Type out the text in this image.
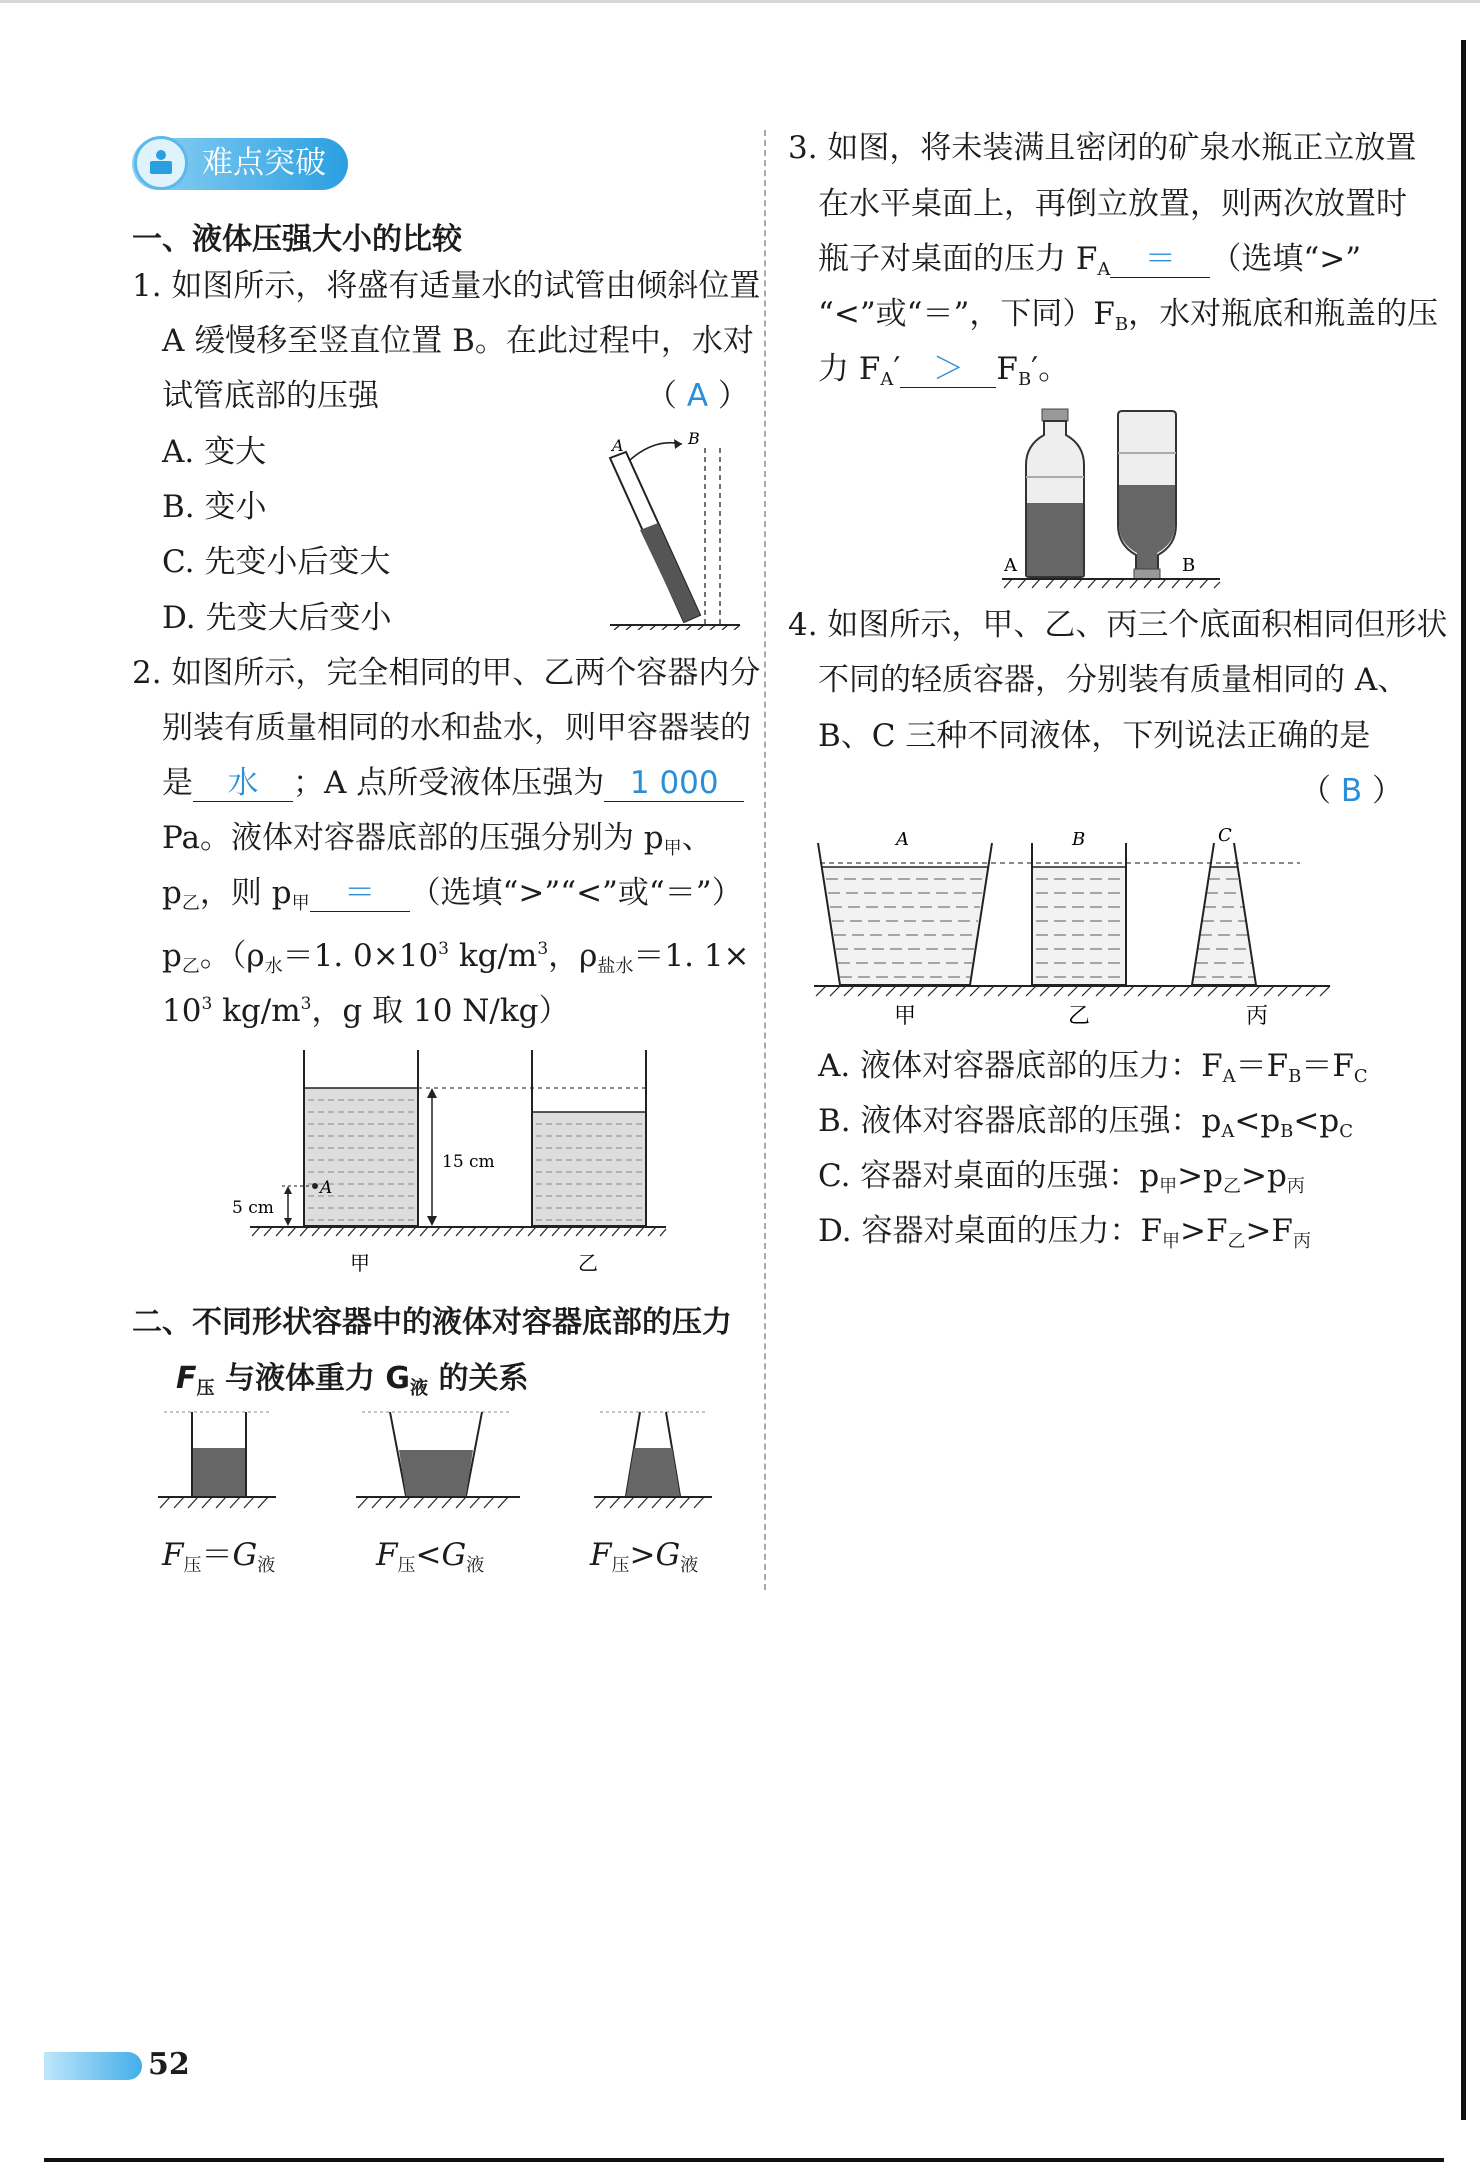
难点突破
一、液体压强大小的比较
1. 如图所示，将盛有适量水的试管由倾斜位置
A 缓慢移至竖直位置 B。在此过程中，水对
试管底部的压强	（ A ）
A. 变大
B. 变小
C. 先变小后变大
D. 先变大后变小
A	B
2. 如图所示，完全相同的甲、乙两个容器内分
别装有质量相同的水和盐水，则甲容器装的
是 水 ；A 点所受液体压强为 1 000
Pa。液体对容器底部的压强分别为 $p_甲$、
$p_乙$，则 $p_甲$ ＝ （选填“>”“<”或“＝”）
$p_乙$。（$\rho_水=1$. $0\times 10^3$ $kg/m^3$，$\rho_{盐水}=1$. 1×
$10^3$ $kg/m^3$，g 取 10 N/kg）
15 cm
A
5 cm
甲	乙
二、不同形状容器中的液体对容器底部的压力
$F_压$ 与液体重力 $G_液$ 的关系
$F_压=G_液$	$F_压<G_液$	$F_压>G_液$
3. 如图，将未装满且密闭的矿泉水瓶正立放置
在水平桌面上，再倒立放置，则两次放置时
瓶子对桌面的压力 $F_A$ ＝ （选填“>”
“<”或“＝”，下同）$F_B$，水对瓶底和瓶盖的压
力 $F_A' > F_B'$。
A	B
4. 如图所示，甲、乙、丙三个底面积相同但形状
不同的轻质容器，分别装有质量相同的 A、
B、C 三种不同液体，下列说法正确的是
（ B ）
A	B	C
甲	乙	丙
A. 液体对容器底部的压力：$F_A=F_B=F_C$
B. 液体对容器底部的压强：$p_A<p_B<p_C$
C. 容器对桌面的压强：$p_甲>p_乙>p_丙$
D. 容器对桌面的压力：$F_甲>F_乙>F_丙$
52
